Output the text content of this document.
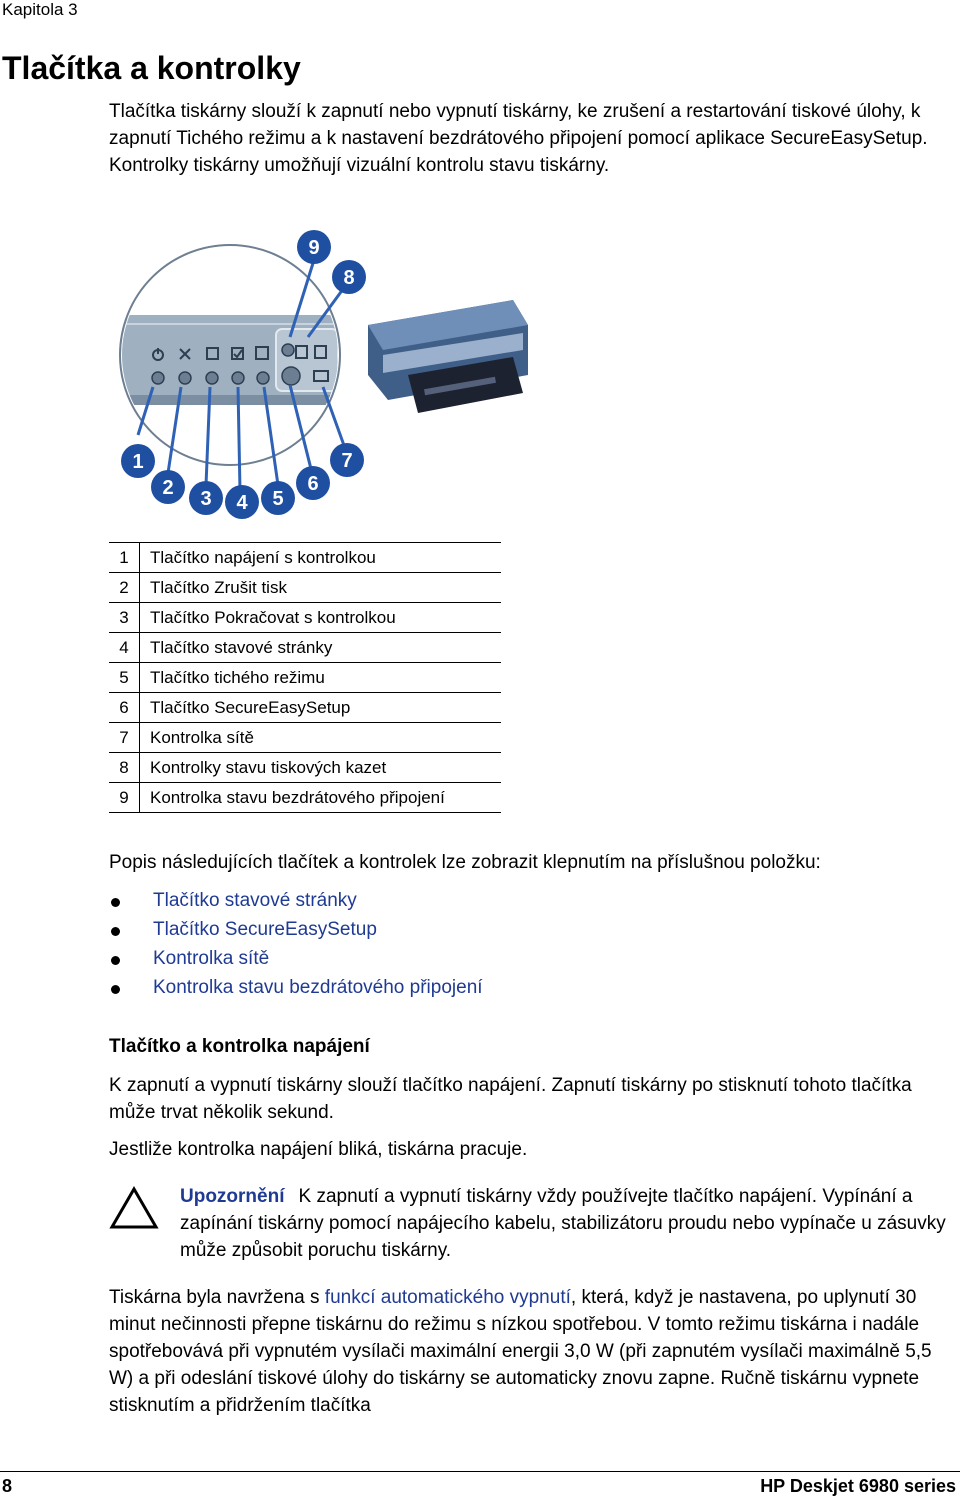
Kapitola 3
Tlačítka a kontrolky
Tlačítka tiskárny slouží k zapnutí nebo vypnutí tiskárny, ke zrušení a restartování tiskové úlohy, k zapnutí Tichého režimu a k nastavení bezdrátového připojení pomocí aplikace SecureEasySetup. Kontrolky tiskárny umožňují vizuální kontrolu stavu tiskárny.
1
2 3 4 5
6
7
8
9
1	Tlačítko napájení s kontrolkou
2	Tlačítko Zrušit tisk
3	Tlačítko Pokračovat s kontrolkou
4	Tlačítko stavové stránky
5	Tlačítko tichého režimu
6	Tlačítko SecureEasySetup
7	Kontrolka sítě
8	Kontrolky stavu tiskových kazet
9	Kontrolka stavu bezdrátového připojení
Popis následujících tlačítek a kontrolek lze zobrazit klepnutím na příslušnou položku:
Tlačítko stavové stránky
Tlačítko SecureEasySetup
Kontrolka sítě
Kontrolka stavu bezdrátového připojení
Tlačítko a kontrolka napájení
K zapnutí a vypnutí tiskárny slouží tlačítko napájení. Zapnutí tiskárny po stisknutí tohoto tlačítka může trvat několik sekund.
Jestliže kontrolka napájení bliká, tiskárna pracuje.
Upozornění K zapnutí a vypnutí tiskárny vždy používejte tlačítko napájení. Vypínání a zapínání tiskárny pomocí napájecího kabelu, stabilizátoru proudu nebo vypínače u zásuvky může způsobit poruchu tiskárny.
Tiskárna byla navržena s funkcí automatického vypnutí, která, když je nastavena, po uplynutí 30 minut nečinnosti přepne tiskárnu do režimu s nízkou spotřebou. V tomto režimu tiskárna i nadále spotřebovává při vypnutém vysílači maximální energii 3,0 W (při zapnutém vysílači maximálně 5,5 W) a při odeslání tiskové úlohy do tiskárny se automaticky znovu zapne. Ručně tiskárnu vypnete stisknutím a přidržením tlačítka
8	HP Deskjet 6980 series
